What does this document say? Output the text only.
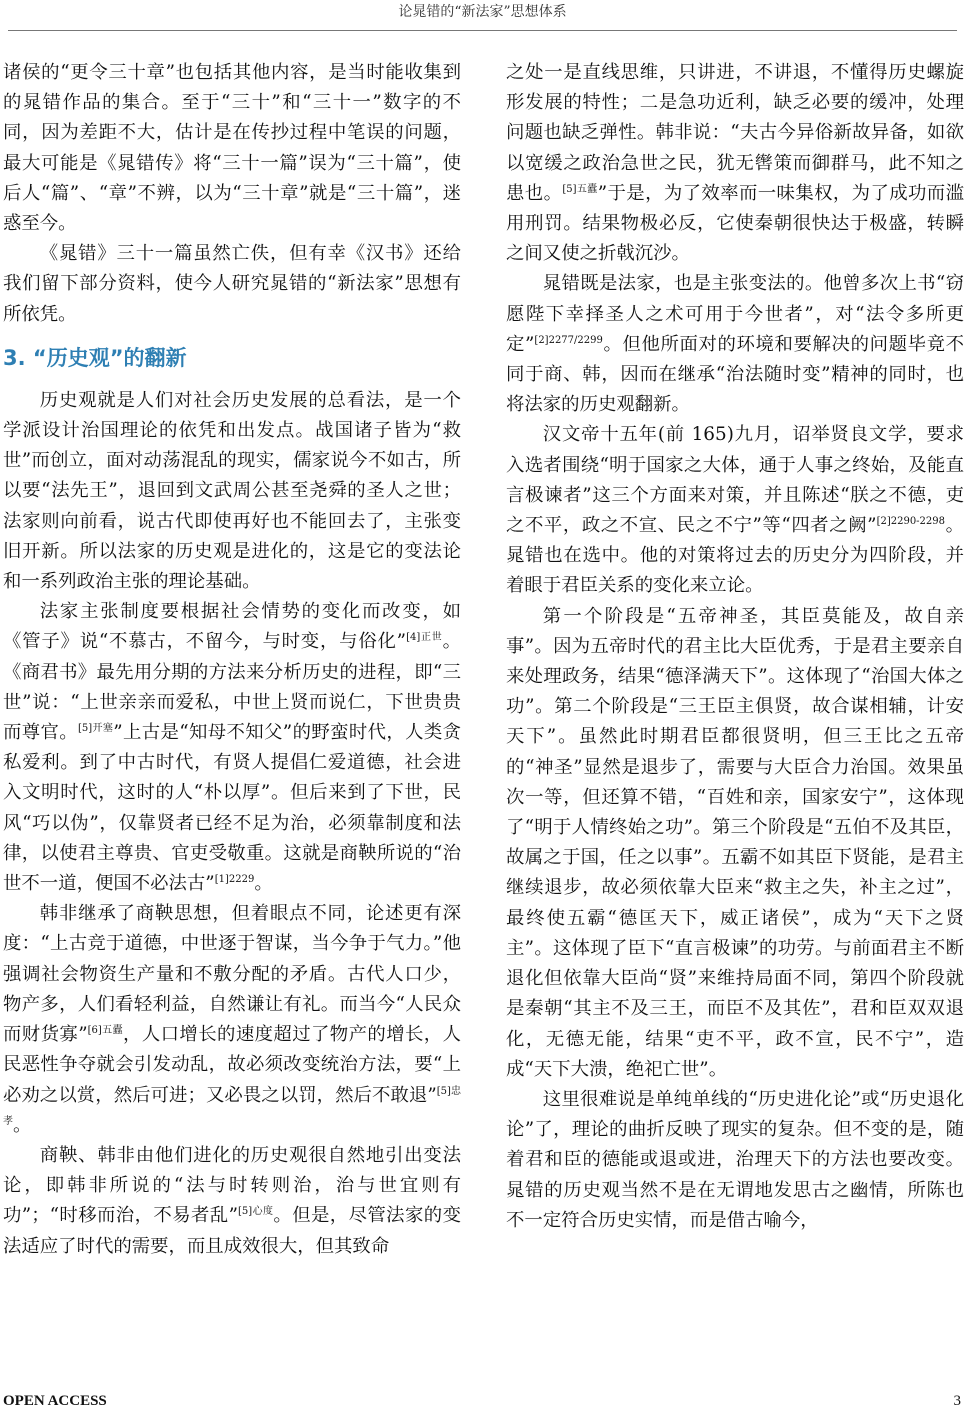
论晁错的“新法家”思想体系

诸侯的“更令三十章”也包括其他内容，是当时能收集到的晁错作品的集合。至于“三十”和“三十一”数字的不同，因为差距不大，估计是在传抄过程中笔误的问题，最大可能是《晁错传》将“三十一篇”误为“三十篇”，使后人“篇”、“章”不辨，以为“三十章”就是“三十篇”，迷惑至今。

《晁错》三十一篇虽然亡佚，但有幸《汉书》还给我们留下部分资料，使今人研究晁错的“新法家”思想有所依凭。

3. “历史观”的翻新

历史观就是人们对社会历史发展的总看法，是一个学派设计治国理论的依凭和出发点。战国诸子皆为“救世”而创立，面对动荡混乱的现实，儒家说今不如古，所以要“法先王”，退回到文武周公甚至尧舜的圣人之世；法家则向前看，说古代即使再好也不能回去了，主张变旧开新。所以法家的历史观是进化的，这是它的变法论和一系列政治主张的理论基础。

法家主张制度要根据社会情势的变化而改变，如《管子》说“不慕古，不留今，与时变，与俗化”$^{[4]正世}$。《商君书》最先用分期的方法来分析历史的进程，即“三世”说：“上世亲亲而爱私，中世上贤而说仁，下世贵贵而尊官。$^{[5]开塞}$”上古是“知母不知父”的野蛮时代，人类贪私爱利。到了中古时代，有贤人提倡仁爱道德，社会进入文明时代，这时的人“朴以厚”。但后来到了下世，民风“巧以伪”，仅靠贤者已经不足为治，必须靠制度和法律，以使君主尊贵、官吏受敬重。这就是商鞅所说的“治世不一道，便国不必法古”$^{[1]2229}$。

韩非继承了商鞅思想，但着眼点不同，论述更有深度：“上古竞于道德，中世逐于智谋，当今争于气力。”他强调社会物资生产量和不敷分配的矛盾。古代人口少，物产多，人们看轻利益，自然谦让有礼。而当今“人民众而财货寡”$^{[6]五蠹}$，人口增长的速度超过了物产的增长，人民恶性争夺就会引发动乱，故必须改变统治方法，要“上必劝之以赏，然后可进；又必畏之以罚，然后不敢退”$^{[5]忠孝}$。

商鞅、韩非由他们进化的历史观很自然地引出变法论，即韩非所说的“法与时转则治，治与世宜则有功”；“时移而治，不易者乱”$^{[5]心度}$。但是，尽管法家的变法适应了时代的需要，而且成效很大，但其致命

之处一是直线思维，只讲进，不讲退，不懂得历史螺旋形发展的特性；二是急功近利，缺乏必要的缓冲，处理问题也缺乏弹性。韩非说：“夫古今异俗新故异备，如欲以宽缓之政治急世之民，犹无辔策而御群马，此不知之患也。$^{[5]五蠹}$”于是，为了效率而一味集权，为了成功而滥用刑罚。结果物极必反，它使秦朝很快达于极盛，转瞬之间又使之折戟沉沙。

晁错既是法家，也是主张变法的。他曾多次上书“窃愿陛下幸择圣人之术可用于今世者”，对“法令多所更定”$^{[2]2277/2299}$。但他所面对的环境和要解决的问题毕竟不同于商、韩，因而在继承“治法随时变”精神的同时，也将法家的历史观翻新。

汉文帝十五年(前 165)九月，诏举贤良文学，要求入选者围绕“明于国家之大体，通于人事之终始，及能直言极谏者”这三个方面来对策，并且陈述“朕之不德，吏之不平，政之不宣、民之不宁”等“四者之阙”$^{[2]2290-2298}$。晁错也在选中。他的对策将过去的历史分为四阶段，并着眼于君臣关系的变化来立论。

第一个阶段是“五帝神圣，其臣莫能及，故自亲事”。因为五帝时代的君主比大臣优秀，于是君主要亲自来处理政务，结果“德泽满天下”。这体现了“治国大体之功”。第二个阶段是“三王臣主俱贤，故合谋相辅，计安天下”。虽然此时期君臣都很贤明，但三王比之五帝的“神圣”显然是退步了，需要与大臣合力治国。效果虽次一等，但还算不错，“百姓和亲，国家安宁”，这体现了“明于人情终始之功”。第三个阶段是“五伯不及其臣，故属之于国，任之以事”。五霸不如其臣下贤能，是君主继续退步，故必须依靠大臣来“救主之失，补主之过”，最终使五霸“德匡天下，威正诸侯”，成为“天下之贤主”。这体现了臣下“直言极谏”的功劳。与前面君主不断退化但依靠大臣尚“贤”来维持局面不同，第四个阶段就是秦朝“其主不及三王，而臣不及其佐”，君和臣双双退化，无德无能，结果“吏不平，政不宣，民不宁”，造成“天下大溃，绝祀亡世”。

这里很难说是单纯单线的“历史进化论”或“历史退化论”了，理论的曲折反映了现实的复杂。但不变的是，随着君和臣的德能或退或进，治理天下的方法也要改变。晁错的历史观当然不是在无谓地发思古之幽情，所陈也不一定符合历史实情，而是借古喻今，

OPEN ACCESS	3
